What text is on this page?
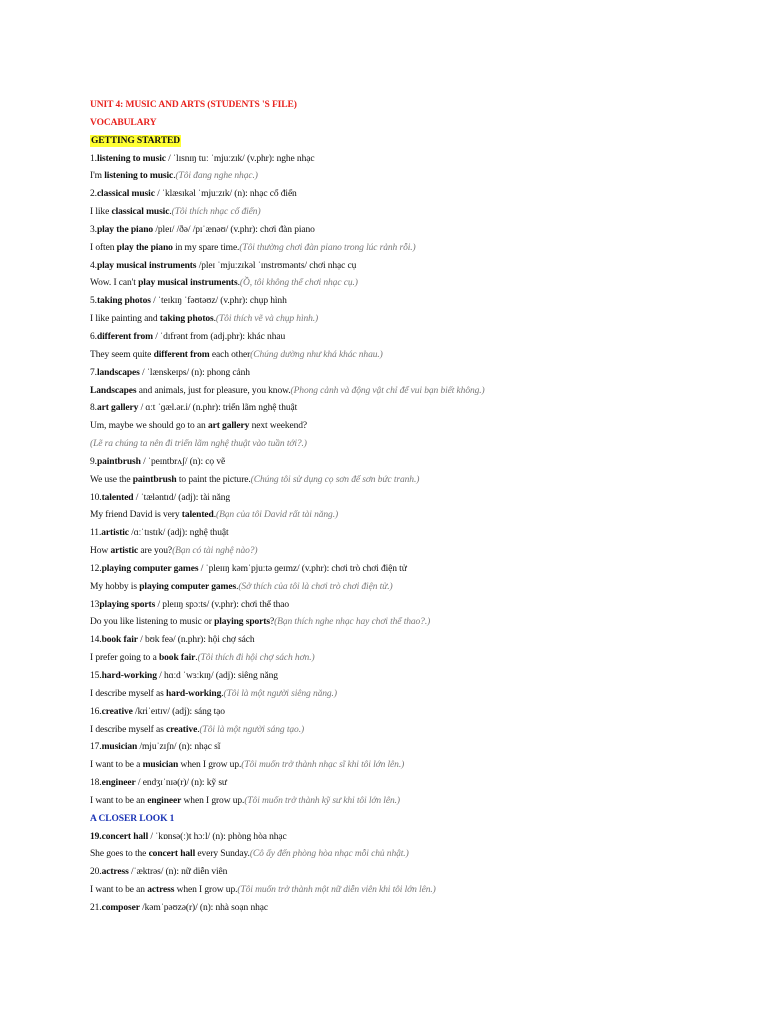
UNIT 4: MUSIC AND ARTS (STUDENTS 'S FILE)
VOCABULARY
GETTING STARTED
1.listening to music / ˈlɪsnɪŋ tuː ˈmjuːzɪk/ (v.phr): nghe nhạc
I'm listening to music.(Tôi đang nghe nhạc.)
2.classical music / ˈklæsɪkəl ˈmjuːzɪk/ (n): nhạc cổ điển
I like classical music.(Tôi thích nhạc cổ điển)
3.play the piano /pleɪ/ /ðə/ /pɪˈænəʊ/ (v.phr): chơi đàn piano
I often play the piano in my spare time.(Tôi thường chơi đàn piano trong lúc rảnh rỗi.)
4.play musical instruments /pleɪ ˈmjuːzɪkəl ˈɪnstrʊmənts/ chơi nhạc cụ
Wow. I can't play musical instruments.(Ồ, tôi không thể chơi nhạc cụ.)
5.taking photos / ˈteɪkɪŋ ˈfəʊtəʊz/ (v.phr): chụp hình
I like painting and taking photos.(Tôi thích vẽ và chụp hình.)
6.different from / ˈdɪfrənt from (adj.phr): khác nhau
They seem quite different from each other(Chúng dường như khá khác nhau.)
7.landscapes / ˈlænskeɪps/ (n): phong cảnh
Landscapes and animals, just for pleasure, you know.(Phong cảnh và động vật chỉ để vui bạn biết không.)
8.art gallery / ɑːt ˈɡæl.ər.i/ (n.phr): triển lãm nghệ thuật
Um, maybe we should go to an art gallery next weekend?
(Lẽ ra chúng ta nên đi triển lãm nghệ thuật vào tuần tới?.)
9.paintbrush / ˈpeɪntbrʌʃ/ (n): cọ vẽ
We use the paintbrush to paint the picture.(Chúng tôi sử dụng cọ sơn để sơn bức tranh.)
10.talented / ˈtæləntɪd/ (adj): tài năng
My friend David is very talented.(Bạn của tôi David rất tài năng.)
11.artistic /ɑːˈtɪstɪk/ (adj): nghệ thuật
How artistic are you?(Bạn có tài nghệ nào?)
12.playing computer games / ˈpleɪɪŋ kəmˈpjuːtə ɡeɪmz/ (v.phr): chơi trò chơi điện tử
My hobby is playing computer games.(Sở thích của tôi là chơi trò chơi điện tử.)
13playing sports / pleɪɪŋ spɔːts/ (v.phr): chơi thể thao
Do you like listening to music or playing sports?(Bạn thích nghe nhạc hay chơi thể thao?.)
14.book fair / bʊk feə/ (n.phr): hội chợ sách
I prefer going to a book fair.(Tôi thích đi hội chợ sách hơn.)
15.hard-working / hɑːd ˈwɜːkɪŋ/ (adj): siêng năng
I describe myself as hard-working.(Tôi là một người siêng năng.)
16.creative /kriˈeɪtɪv/ (adj): sáng tạo
I describe myself as creative.(Tôi là một người sáng tạo.)
17.musician /mjuˈzɪʃn/ (n): nhạc sĩ
I want to be a musician when I grow up.(Tôi muốn trở thành nhạc sĩ khi tôi lớn lên.)
18.engineer / endʒɪˈnɪə(r)/ (n): kỹ sư
I want to be an engineer when I grow up.(Tôi muốn trở thành kỹ sư khi tôi lớn lên.)
A CLOSER LOOK 1
19.concert hall / ˈkɒnsə(ː)t hɔːl/ (n): phòng hòa nhạc
She goes to the concert hall every Sunday.(Cô ấy đến phòng hòa nhạc mỗi chủ nhật.)
20.actress /ˈæktrəs/ (n): nữ diễn viên
I want to be an actress when I grow up.(Tôi muốn trở thành một nữ diễn viên khi tôi lớn lên.)
21.composer /kəmˈpəʊzə(r)/ (n): nhà soạn nhạc
